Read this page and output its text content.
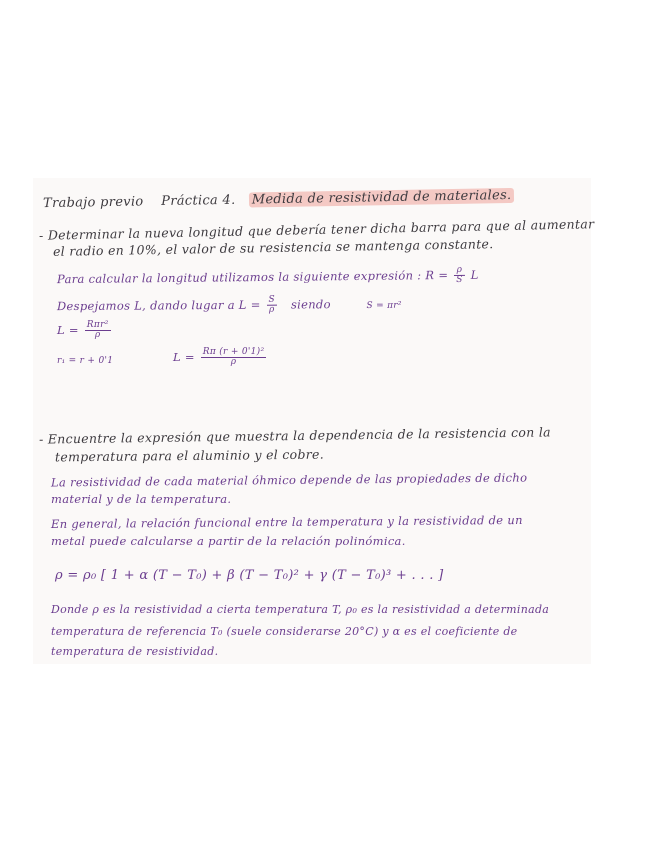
Trabajo previo Práctica 4. Medida de resistividad de materiales.
- Determinar la nueva longitud que debería tener dicha barra para que al aumentar
el radio en 10%, el valor de su resistencia se mantenga constante.
Para calcular la longitud utilizamos la siguiente expresión : $R = \frac{\rho}{S}$ L
Despejamos L, dando lugar a $L = \frac{S}{\rho}$ siendo	S = πr²
$L = \frac{\text{Rπr²}}{\rho}$
r₁ = r + 0'1	$L = \frac{\text{Rπ (r + 0'1)²}}{\rho}$
- Encuentre la expresión que muestra la dependencia de la resistencia con la
temperatura para el aluminio y el cobre.
La resistividad de cada material óhmico depende de las propiedades de dicho
material y de la temperatura.
En general, la relación funcional entre la temperatura y la resistividad de un
metal puede calcularse a partir de la relación polinómica.
ρ = ρ₀ [ 1 + α (T − T₀) + β (T − T₀)² + γ (T − T₀)³ + . . . ]
Donde ρ es la resistividad a cierta temperatura T, ρ₀ es la resistividad a determinada
temperatura de referencia T₀ (suele considerarse 20°C) y α es el coeficiente de
temperatura de resistividad.
